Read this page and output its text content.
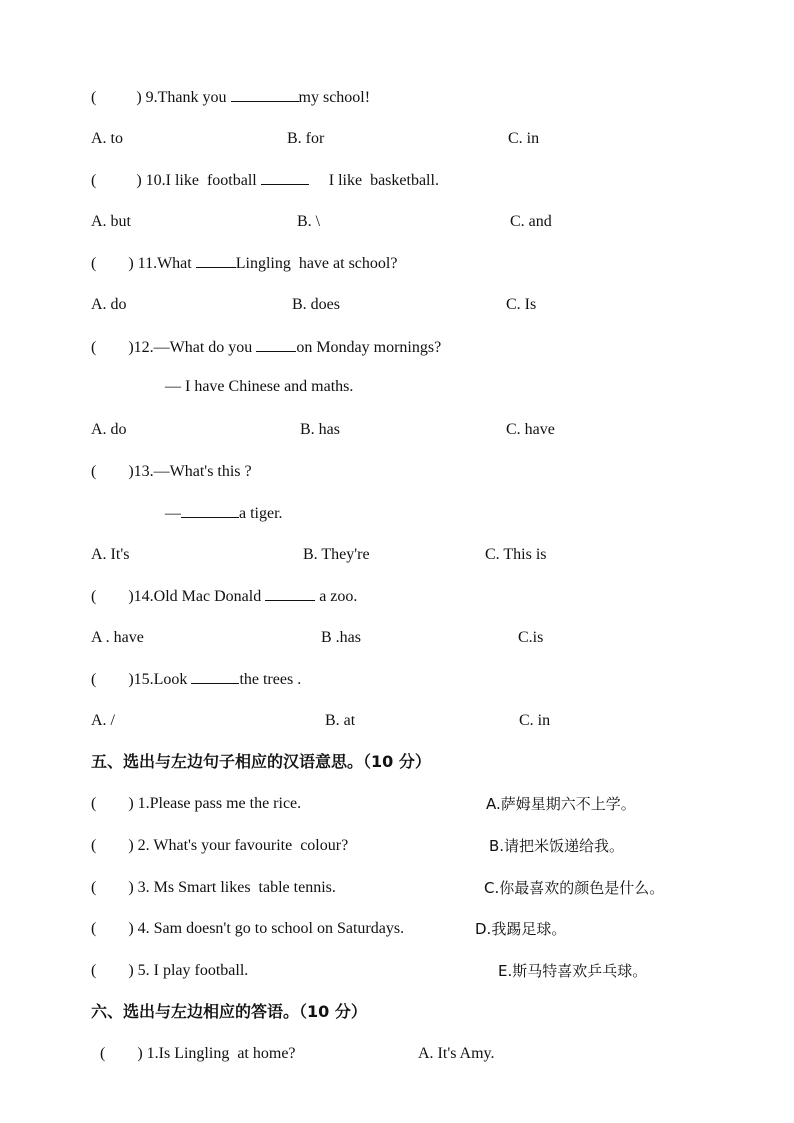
(          ) 9.Thank you	my school!
A. to	B. for	C. in
(          ) 10.I like  football	I like  basketball.
A. but	B. \	C. and
(        ) 11.What	Lingling  have at school?
A. do	B. does	C. Is
(        )12.—What do you	on Monday mornings?
— I have Chinese and maths.
A. do	B. has	C. have
(        )13.—What's this ?
—	a tiger.
A. It's	B. They're	C. This is
(        )14.Old Mac Donald	a zoo.
A . have	B .has	C.is
(        )15.Look	the trees .
A. /	B. at	C. in
五、选出与左边句子相应的汉语意思。（10 分）
(        ) 1.Please pass me the rice.	A.萨姆星期六不上学。
(        ) 2. What's your favourite  colour?	B.请把米饭递给我。
(        ) 3. Ms Smart likes  table tennis.	C.你最喜欢的颜色是什么。
(        ) 4. Sam doesn't go to school on Saturdays.	D.我踢足球。
(        ) 5. I play football.	E.斯马特喜欢乒乓球。
六、选出与左边相应的答语。（10 分）
(        ) 1.Is Lingling  at home?	A. It's Amy.
